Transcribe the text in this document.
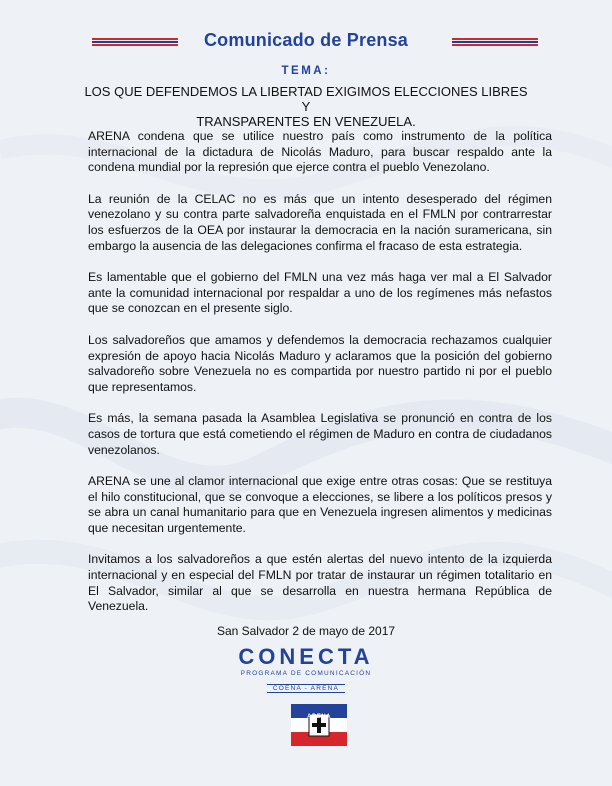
Comunicado de Prensa
TEMA:
LOS QUE DEFENDEMOS LA LIBERTAD EXIGIMOS ELECCIONES LIBRES Y
TRANSPARENTES EN VENEZUELA.

ARENA condena que se utilice nuestro país como instrumento de la política internacional de la dictadura de Nicolás Maduro, para buscar respaldo ante la condena mundial por la represión que ejerce contra el pueblo Venezolano.

La reunión de la CELAC no es más que un intento desesperado del régimen venezolano y su contra parte salvadoreña enquistada en el FMLN por contrarrestar los esfuerzos de la OEA por instaurar la democracia en la nación suramericana, sin embargo la ausencia de las delegaciones confirma el fracaso de esta estrategia.

Es lamentable que el gobierno del FMLN una vez más haga ver mal a El Salvador ante la comunidad internacional por respaldar a uno de los regímenes más nefastos que se conozcan en el presente siglo.

Los salvadoreños que amamos y defendemos la democracia rechazamos cualquier expresión de apoyo hacia Nicolás Maduro y aclaramos que la posición del gobierno salvadoreño sobre Venezuela no es compartida por nuestro partido ni por el pueblo que representamos.

Es más, la semana pasada la Asamblea Legislativa se pronunció en contra de los casos de tortura que está cometiendo el régimen de Maduro en contra de ciudadanos venezolanos.

ARENA se une al clamor internacional que exige entre otras cosas: Que se restituya el hilo constitucional, que se convoque a elecciones, se libere a los políticos presos y se abra un canal humanitario para que en Venezuela ingresen alimentos y medicinas que necesitan urgentemente.

Invitamos a los salvadoreños a que estén alertas del nuevo intento de la izquierda internacional y en especial del FMLN por tratar de instaurar un régimen totalitario en El Salvador, similar al que se desarrolla en nuestra hermana República de Venezuela.

San Salvador 2 de mayo de 2017
CONECTA
PROGRAMA DE COMUNICACIÓN
COENA - ARENA
ARENA
